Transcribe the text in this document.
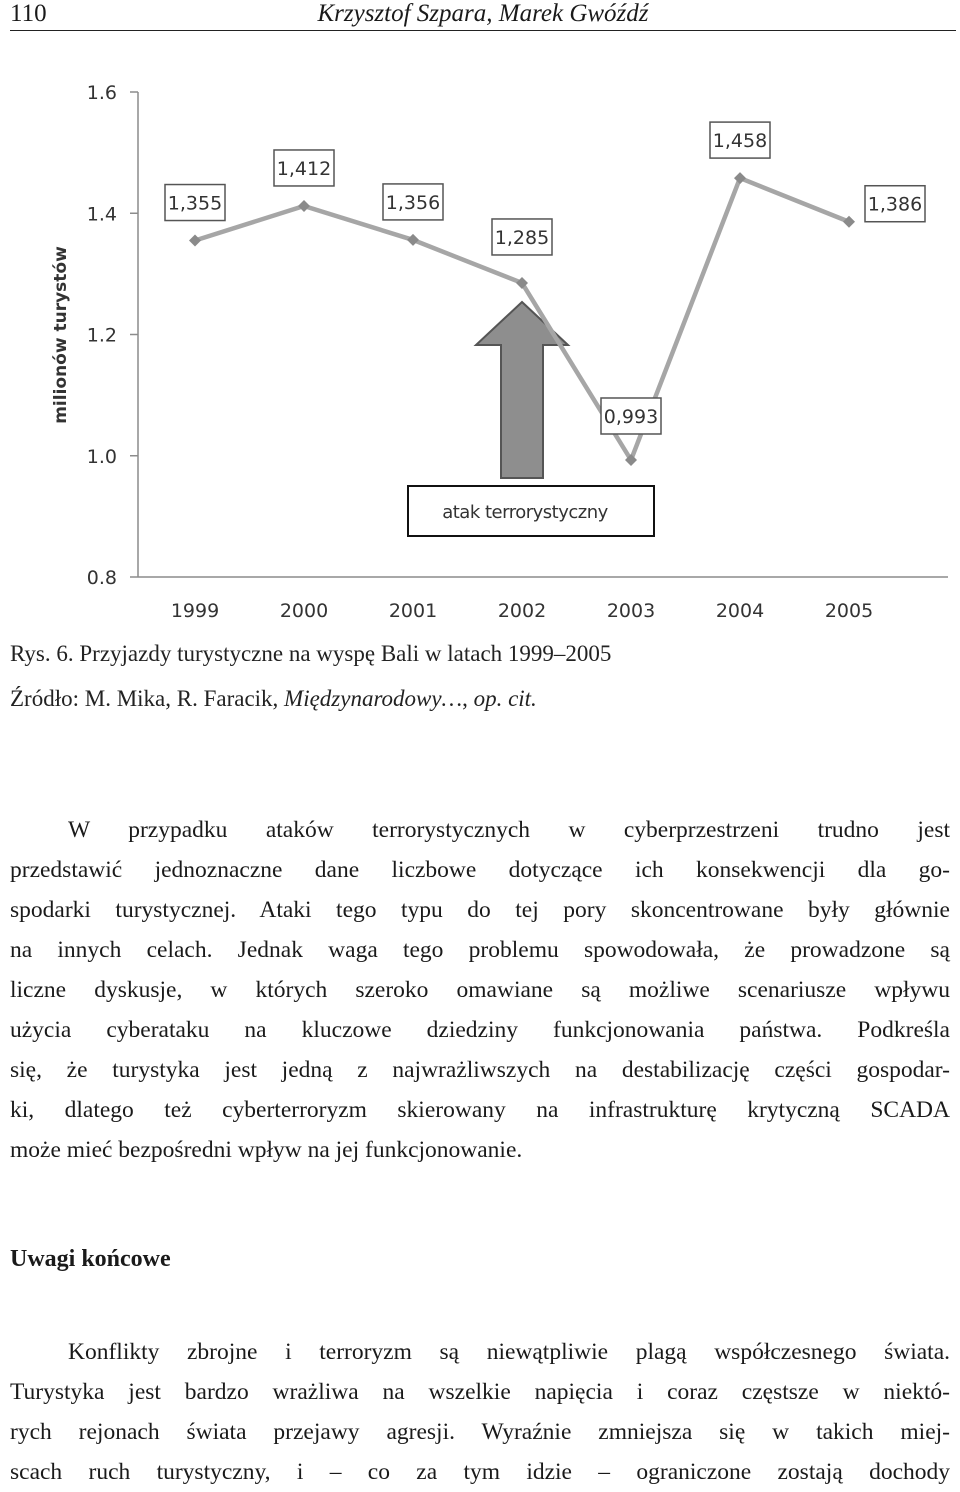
110	Krzysztof Szpara, Marek Gwóźdź
0.8
1.0
1.2
1.4
1.6
1999	2000	2001	2002	2003	2004	2005
milionów turystów
atak terrorystyczny
1,355
1,412
1,356
1,285
0,993
1,458
1,386
Rys. 6. Przyjazdy turystyczne na wyspę Bali w latach 1999–2005
Źródło: M. Mika, R. Faracik, Międzynarodowy…, op. cit.

W przypadku ataków terrorystycznych w cyberprzestrzeni trudno jest
przedstawić jednoznaczne dane liczbowe dotyczące ich konsekwencji dla go-
spodarki turystycznej. Ataki tego typu do tej pory skoncentrowane były głównie
na innych celach. Jednak waga tego problemu spowodowała, że prowadzone są
liczne dyskusje, w których szeroko omawiane są możliwe scenariusze wpływu
użycia cyberataku na kluczowe dziedziny funkcjonowania państwa. Podkreśla
się, że turystyka jest jedną z najwrażliwszych na destabilizację części gospodar-
ki, dlatego też cyberterroryzm skierowany na infrastrukturę krytyczną SCADA
może mieć bezpośredni wpływ na jej funkcjonowanie.

Uwagi końcowe

Konflikty zbrojne i terroryzm są niewątpliwie plagą współczesnego świata.
Turystyka jest bardzo wrażliwa na wszelkie napięcia i coraz częstsze w niektó-
rych rejonach świata przejawy agresji. Wyraźnie zmniejsza się w takich miej-
scach ruch turystyczny, i – co za tym idzie – ograniczone zostają dochody
